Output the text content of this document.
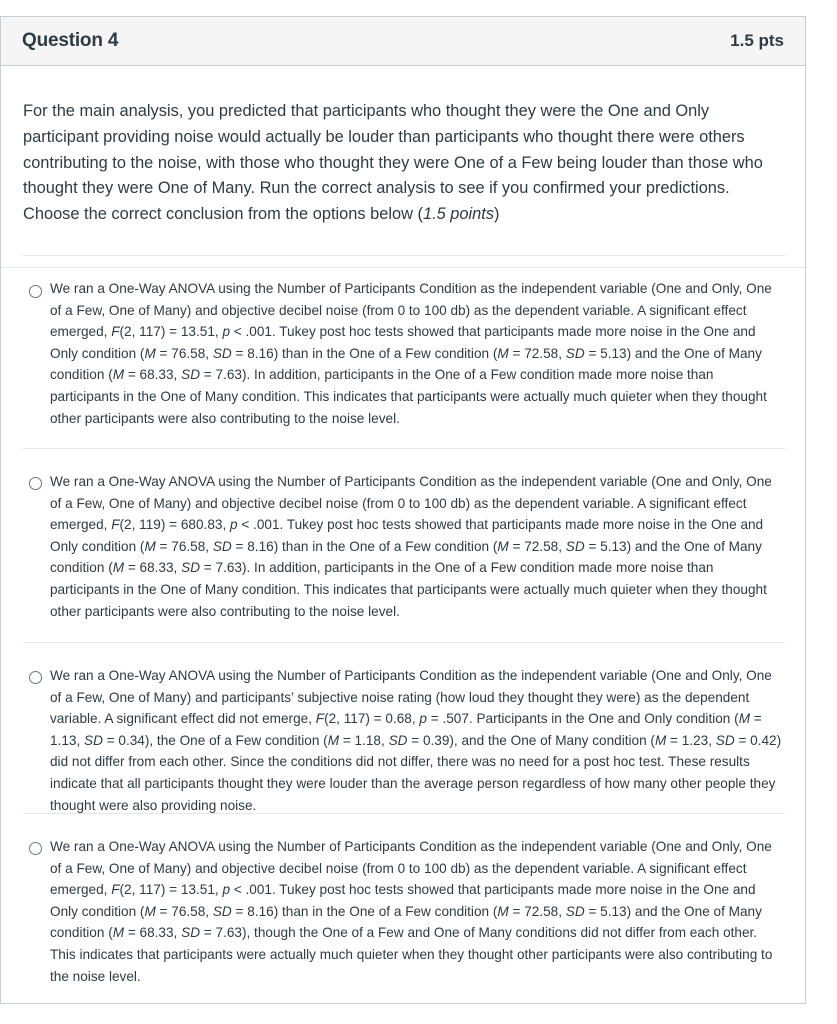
Question 4	1.5 pts
For the main analysis, you predicted that participants who thought they were the One and Only participant providing noise would actually be louder than participants who thought there were others contributing to the noise, with those who thought they were One of a Few being louder than those who thought they were One of Many. Run the correct analysis to see if you confirmed your predictions. Choose the correct conclusion from the options below (1.5 points)
We ran a One-Way ANOVA using the Number of Participants Condition as the independent variable (One and Only, One of a Few, One of Many) and objective decibel noise (from 0 to 100 db) as the dependent variable. A significant effect emerged, F(2, 117) = 13.51, p < .001. Tukey post hoc tests showed that participants made more noise in the One and Only condition (M = 76.58, SD = 8.16) than in the One of a Few condition (M = 72.58, SD = 5.13) and the One of Many condition (M = 68.33, SD = 7.63). In addition, participants in the One of a Few condition made more noise than participants in the One of Many condition. This indicates that participants were actually much quieter when they thought other participants were also contributing to the noise level.
We ran a One-Way ANOVA using the Number of Participants Condition as the independent variable (One and Only, One of a Few, One of Many) and objective decibel noise (from 0 to 100 db) as the dependent variable. A significant effect emerged, F(2, 119) = 680.83, p < .001. Tukey post hoc tests showed that participants made more noise in the One and Only condition (M = 76.58, SD = 8.16) than in the One of a Few condition (M = 72.58, SD = 5.13) and the One of Many condition (M = 68.33, SD = 7.63). In addition, participants in the One of a Few condition made more noise than participants in the One of Many condition. This indicates that participants were actually much quieter when they thought other participants were also contributing to the noise level.
We ran a One-Way ANOVA using the Number of Participants Condition as the independent variable (One and Only, One of a Few, One of Many) and participants’ subjective noise rating (how loud they thought they were) as the dependent variable. A significant effect did not emerge, F(2, 117) = 0.68, p = .507. Participants in the One and Only condition (M = 1.13, SD = 0.34), the One of a Few condition (M = 1.18, SD = 0.39), and the One of Many condition (M = 1.23, SD = 0.42) did not differ from each other. Since the conditions did not differ, there was no need for a post hoc test. These results indicate that all participants thought they were louder than the average person regardless of how many other people they thought were also providing noise.
We ran a One-Way ANOVA using the Number of Participants Condition as the independent variable (One and Only, One of a Few, One of Many) and objective decibel noise (from 0 to 100 db) as the dependent variable. A significant effect emerged, F(2, 117) = 13.51, p < .001. Tukey post hoc tests showed that participants made more noise in the One and Only condition (M = 76.58, SD = 8.16) than in the One of a Few condition (M = 72.58, SD = 5.13) and the One of Many condition (M = 68.33, SD = 7.63), though the One of a Few and One of Many conditions did not differ from each other. This indicates that participants were actually much quieter when they thought other participants were also contributing to the noise level.
